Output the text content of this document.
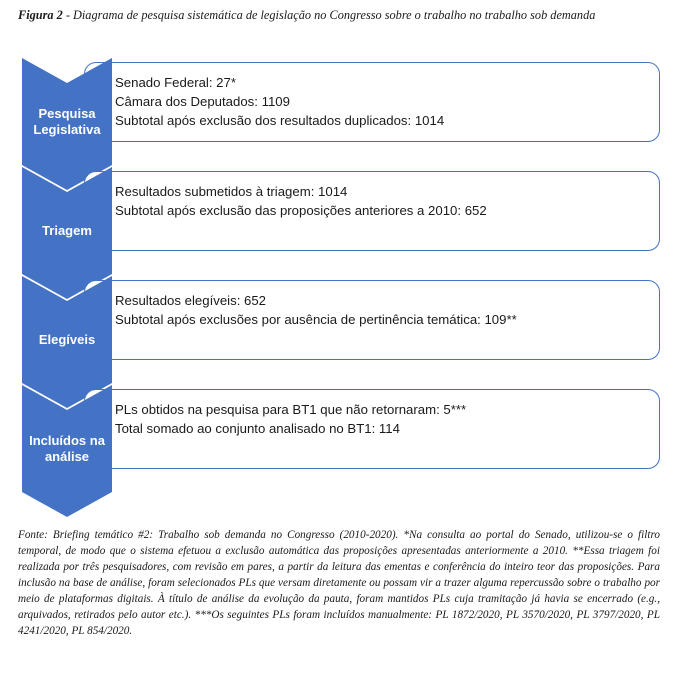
Figura 2 - Diagrama de pesquisa sistemática de legislação no Congresso sobre o trabalho no trabalho sob demanda
• Senado Federal: 27*
• Câmara dos Deputados: 1109
• Subtotal após exclusão dos resultados duplicados: 1014
Pesquisa Legislativa
• Resultados submetidos à triagem: 1014
• Subtotal após exclusão das proposições anteriores a 2010: 652
Triagem
• Resultados elegíveis: 652
• Subtotal após exclusões por ausência de pertinência temática: 109**
Elegíveis
• PLs obtidos na pesquisa para BT1 que não retornaram: 5***
• Total somado ao conjunto analisado no BT1: 114
Incluídos na análise
Fonte: Briefing temático #2: Trabalho sob demanda no Congresso (2010-2020). *Na consulta ao portal do Senado, utilizou-se o filtro temporal, de modo que o sistema efetuou a exclusão automática das proposições apresentadas anteriormente a 2010. **Essa triagem foi realizada por três pesquisadores, com revisão em pares, a partir da leitura das ementas e conferência do inteiro teor das proposições. Para inclusão na base de análise, foram selecionados PLs que versam diretamente ou possam vir a trazer alguma repercussão sobre o trabalho por meio de plataformas digitais. À título de análise da evolução da pauta, foram mantidos PLs cuja tramitação já havia se encerrado (e.g., arquivados, retirados pelo autor etc.). ***Os seguintes PLs foram incluídos manualmente: PL 1872/2020, PL 3570/2020, PL 3797/2020, PL 4241/2020, PL 854/2020.
